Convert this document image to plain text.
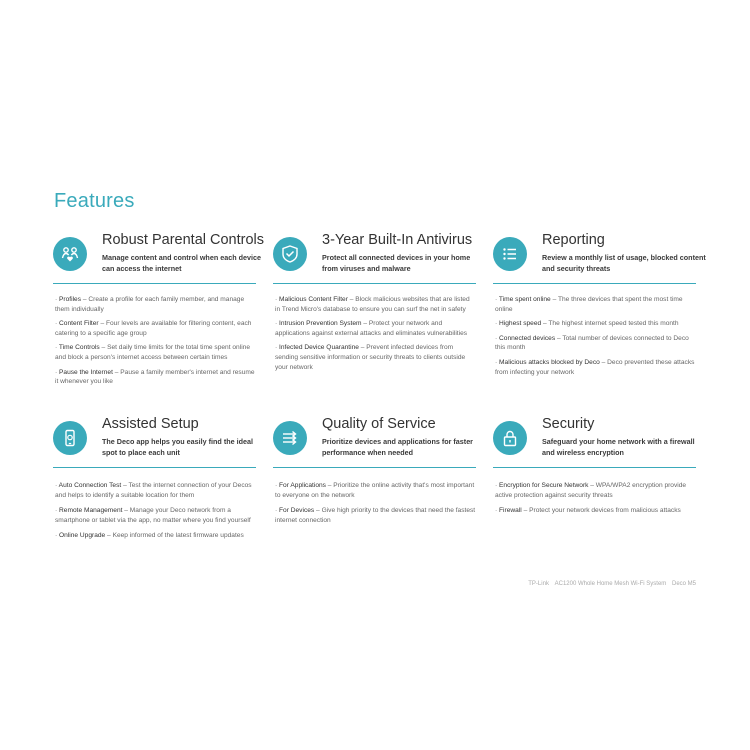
Features
Robust Parental Controls
Manage content and control when each device can access the internet
· Profiles – Create a profile for each family member, and manage them individually
· Content Filter – Four levels are available for filtering content, each catering to a specific age group
· Time Controls – Set daily time limits for the total time spent online and block a person's internet access between certain times
· Pause the Internet – Pause a family member's internet and resume it whenever you like
3-Year Built-In Antivirus
Protect all connected devices in your home from viruses and malware
· Malicious Content Filter – Block malicious websites that are listed in Trend Micro's database to ensure you can surf the net in safety
· Intrusion Prevention System – Protect your network and applications against external attacks and eliminates vulnerabilities
· Infected Device Quarantine – Prevent infected devices from sending sensitive information or security threats to clients outside your network
Reporting
Review a monthly list of usage, blocked content and security threats
· Time spent online – The three devices that spent the most time online
· Highest speed – The highest internet speed tested this month
· Connected devices – Total number of devices connected to Deco this month
· Malicious attacks blocked by Deco – Deco prevented these attacks from infecting your network
Assisted Setup
The Deco app helps you easily find the ideal spot to place each unit
· Auto Connection Test – Test the internet connection of your Decos and helps to identify a suitable location for them
· Remote Management – Manage your Deco network from a smartphone or tablet via the app, no matter where you find yourself
· Online Upgrade – Keep informed of the latest firmware updates
Quality of Service
Prioritize devices and applications for faster performance when needed
· For Applications – Prioritize the online activity that's most important to everyone on the network
· For Devices – Give high priority to the devices that need the fastest internet connection
Security
Safeguard your home network with a firewall and wireless encryption
· Encryption for Secure Network – WPA/WPA2 encryption provide active protection against security threats
· Firewall – Protect your network devices from malicious attacks
TP-Link AC1200 Whole Home Mesh Wi-Fi System Deco M5
